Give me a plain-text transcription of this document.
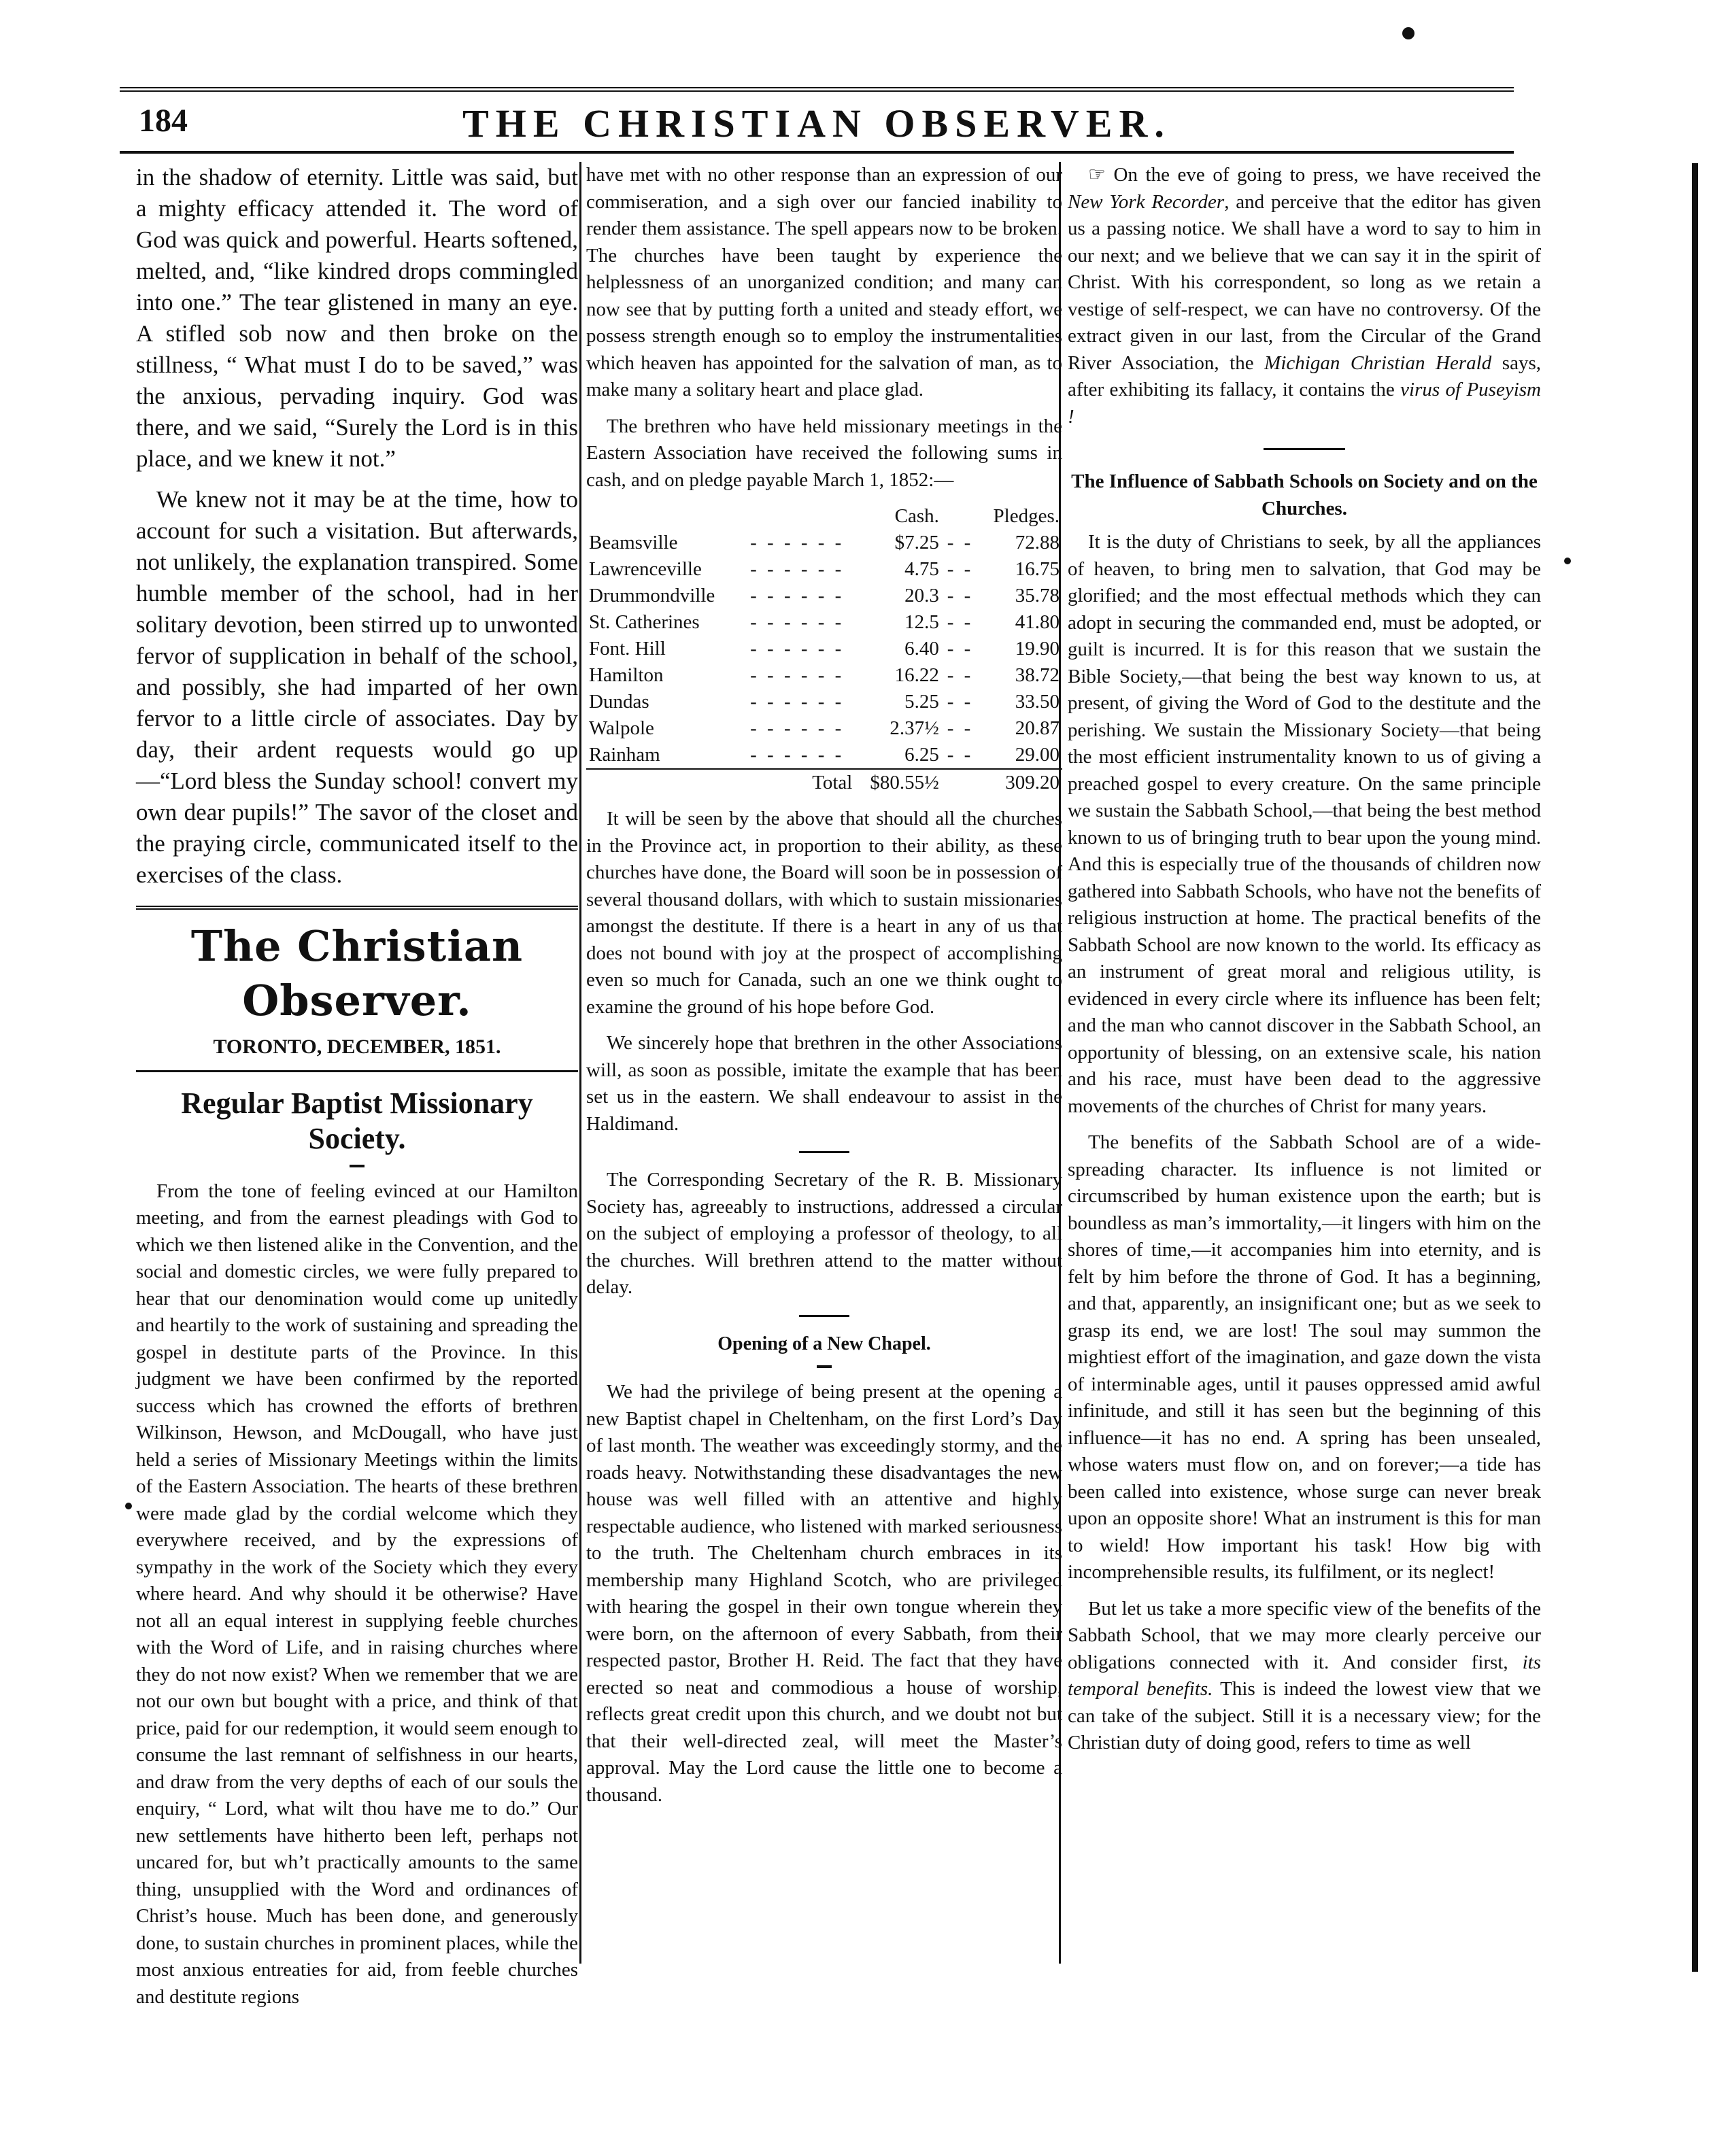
184	THE CHRISTIAN OBSERVER.

in the shadow of eternity. Little was said, but a mighty efficacy attended it. The word of God was quick and powerful. Hearts softened, melted, and, “like kindred drops commingled into one.” The tear glistened in many an eye. A stifled sob now and then broke on the stillness, “ What must I do to be saved,” was the anxious, pervading inquiry. God was there, and we said, “Surely the Lord is in this place, and we knew it not.”

We knew not it may be at the time, how to account for such a visitation. But afterwards, not unlikely, the explanation transpired. Some humble member of the school, had in her solitary devotion, been stirred up to unwonted fervor of supplication in behalf of the school, and possibly, she had imparted of her own fervor to a little circle of associates. Day by day, their ardent requests would go up—“Lord bless the Sunday school! convert my own dear pupils!” The savor of the closet and the praying circle, communicated itself to the exercises of the class.

The Christian Observer.
TORONTO, DECEMBER, 1851.
Regular Baptist Missionary Society.

From the tone of feeling evinced at our Hamilton meeting, and from the earnest pleadings with God to which we then listened alike in the Convention, and the social and domestic circles, we were fully prepared to hear that our denomination would come up unitedly and heartily to the work of sustaining and spreading the gospel in destitute parts of the Province. In this judgment we have been confirmed by the reported success which has crowned the efforts of brethren Wilkinson, Hewson, and McDougall, who have just held a series of Missionary Meetings within the limits of the Eastern Association. The hearts of these brethren were made glad by the cordial welcome which they everywhere received, and by the expressions of sympathy in the work of the Society which they every where heard. And why should it be otherwise? Have not all an equal interest in supplying feeble churches with the Word of Life, and in raising churches where they do not now exist? When we remember that we are not our own but bought with a price, and think of that price, paid for our redemption, it would seem enough to consume the last remnant of selfishness in our hearts, and draw from the very depths of each of our souls the enquiry, “ Lord, what wilt thou have me to do.” Our new settlements have hitherto been left, perhaps not uncared for, but wh’t practically amounts to the same thing, unsupplied with the Word and ordinances of Christ’s house. Much has been done, and generously done, to sustain churches in prominent places, while the most anxious entreaties for aid, from feeble churches and destitute regions

have met with no other response than an expression of our commiseration, and a sigh over our fancied inability to render them assistance. The spell appears now to be broken. The churches have been taught by experience the helplessness of an unorganized condition; and many can now see that by putting forth a united and steady effort, we possess strength enough so to employ the instrumentalities which heaven has appointed for the salvation of man, as to make many a solitary heart and place glad.

The brethren who have held missionary meetings in the Eastern Association have received the following sums in cash, and on pledge payable March 1, 1852:—

		Cash.		Pledges.
Beamsville	- - - - - -	$7.25	- -	72.88
Lawrenceville	- - - - - -	4.75	- -	16.75
Drummondville	- - - - - -	20.3	- -	35.78
St. Catherines	- - - - - -	12.5	- -	41.80
Font. Hill	- - - - - -	6.40	- -	19.90
Hamilton	- - - - - -	16.22	- -	38.72
Dundas	- - - - - -	5.25	- -	33.50
Walpole	- - - - - -	2.37½	- -	20.87
Rainham	- - - - - -	6.25	- -	29.00
	Total	$80.55½		309.20

It will be seen by the above that should all the churches in the Province act, in proportion to their ability, as these churches have done, the Board will soon be in possession of several thousand dollars, with which to sustain missionaries amongst the destitute. If there is a heart in any of us that does not bound with joy at the prospect of accomplishing even so much for Canada, such an one we think ought to examine the ground of his hope before God.

We sincerely hope that brethren in the other Associations will, as soon as possible, imitate the example that has been set us in the eastern. We shall endeavour to assist in the Haldimand.

The Corresponding Secretary of the R. B. Missionary Society has, agreeably to instructions, addressed a circular on the subject of employing a professor of theology, to all the churches. Will brethren attend to the matter without delay.

Opening of a New Chapel.

We had the privilege of being present at the opening a new Baptist chapel in Cheltenham, on the first Lord’s Day of last month. The weather was exceedingly stormy, and the roads heavy. Notwithstanding these disadvantages the new house was well filled with an attentive and highly respectable audience, who listened with marked seriousness to the truth. The Cheltenham church embraces in its membership many Highland Scotch, who are privileged with hearing the gospel in their own tongue wherein they were born, on the afternoon of every Sabbath, from their respected pastor, Brother H. Reid. The fact that they have erected so neat and commodious a house of worship, reflects great credit upon this church, and we doubt not but that their well-directed zeal, will meet the Master’s approval. May the Lord cause the little one to become a thousand.

☞ On the eve of going to press, we have received the New York Recorder, and perceive that the editor has given us a passing notice. We shall have a word to say to him in our next; and we believe that we can say it in the spirit of Christ. With his correspondent, so long as we retain a vestige of self-respect, we can have no controversy. Of the extract given in our last, from the Circular of the Grand River Association, the Michigan Christian Herald says, after exhibiting its fallacy, it contains the virus of Puseyism !

The Influence of Sabbath Schools on Society and on the Churches.

It is the duty of Christians to seek, by all the appliances of heaven, to bring men to salvation, that God may be glorified; and the most effectual methods which they can adopt in securing the commanded end, must be adopted, or guilt is incurred. It is for this reason that we sustain the Bible Society,—that being the best way known to us, at present, of giving the Word of God to the destitute and the perishing. We sustain the Missionary Society—that being the most efficient instrumentality known to us of giving a preached gospel to every creature. On the same principle we sustain the Sabbath School,—that being the best method known to us of bringing truth to bear upon the young mind. And this is especially true of the thousands of children now gathered into Sabbath Schools, who have not the benefits of religious instruction at home. The practical benefits of the Sabbath School are now known to the world. Its efficacy as an instrument of great moral and religious utility, is evidenced in every circle where its influence has been felt; and the man who cannot discover in the Sabbath School, an opportunity of blessing, on an extensive scale, his nation and his race, must have been dead to the aggressive movements of the churches of Christ for many years.

The benefits of the Sabbath School are of a wide-spreading character. Its influence is not limited or circumscribed by human existence upon the earth; but is boundless as man’s immortality,—it lingers with him on the shores of time,—it accompanies him into eternity, and is felt by him before the throne of God. It has a beginning, and that, apparently, an insignificant one; but as we seek to grasp its end, we are lost! The soul may summon the mightiest effort of the imagination, and gaze down the vista of interminable ages, until it pauses oppressed amid awful infinitude, and still it has seen but the beginning of this influence—it has no end. A spring has been unsealed, whose waters must flow on, and on forever;—a tide has been called into existence, whose surge can never break upon an opposite shore! What an instrument is this for man to wield! How important his task! How big with incomprehensible results, its fulfilment, or its neglect!

But let us take a more specific view of the benefits of the Sabbath School, that we may more clearly perceive our obligations connected with it. And consider first, its temporal benefits. This is indeed the lowest view that we can take of the subject. Still it is a necessary view; for the Christian duty of doing good, refers to time as well
